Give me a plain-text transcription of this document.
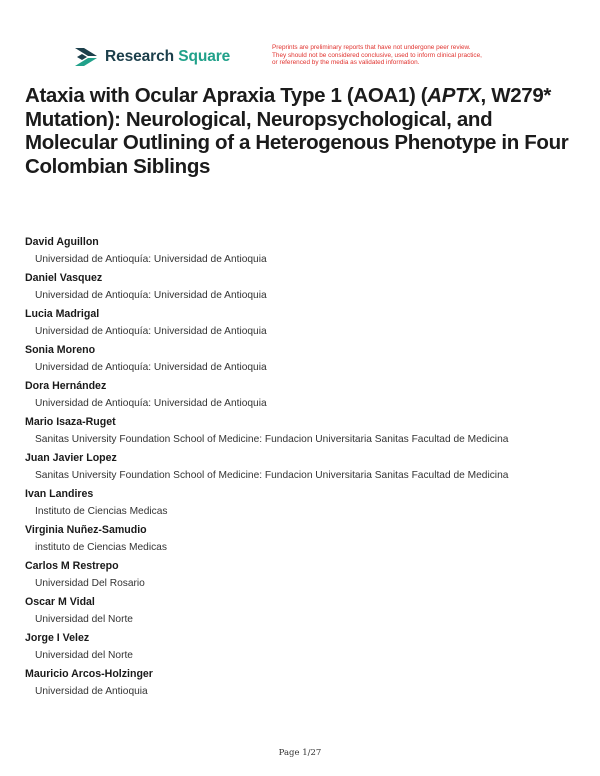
Research Square
Preprints are preliminary reports that have not undergone peer review.
They should not be considered conclusive, used to inform clinical practice,
or referenced by the media as validated information.
Ataxia with Ocular Apraxia Type 1 (AOA1) (APTX, W279* Mutation): Neurological, Neuropsychological, and Molecular Outlining of a Heterogenous Phenotype in Four Colombian Siblings
David Aguillon
Universidad de Antioquía: Universidad de Antioquia
Daniel Vasquez
Universidad de Antioquía: Universidad de Antioquia
Lucia Madrigal
Universidad de Antioquía: Universidad de Antioquia
Sonia Moreno
Universidad de Antioquía: Universidad de Antioquia
Dora Hernández
Universidad de Antioquía: Universidad de Antioquia
Mario Isaza-Ruget
Sanitas University Foundation School of Medicine: Fundacion Universitaria Sanitas Facultad de Medicina
Juan Javier Lopez
Sanitas University Foundation School of Medicine: Fundacion Universitaria Sanitas Facultad de Medicina
Ivan Landires
Instituto de Ciencias Medicas
Virginia Nuñez-Samudio
instituto de Ciencias Medicas
Carlos M Restrepo
Universidad Del Rosario
Oscar M Vidal
Universidad del Norte
Jorge I Velez
Universidad del Norte
Mauricio Arcos-Holzinger
Universidad de Antioquia
Page 1/27
